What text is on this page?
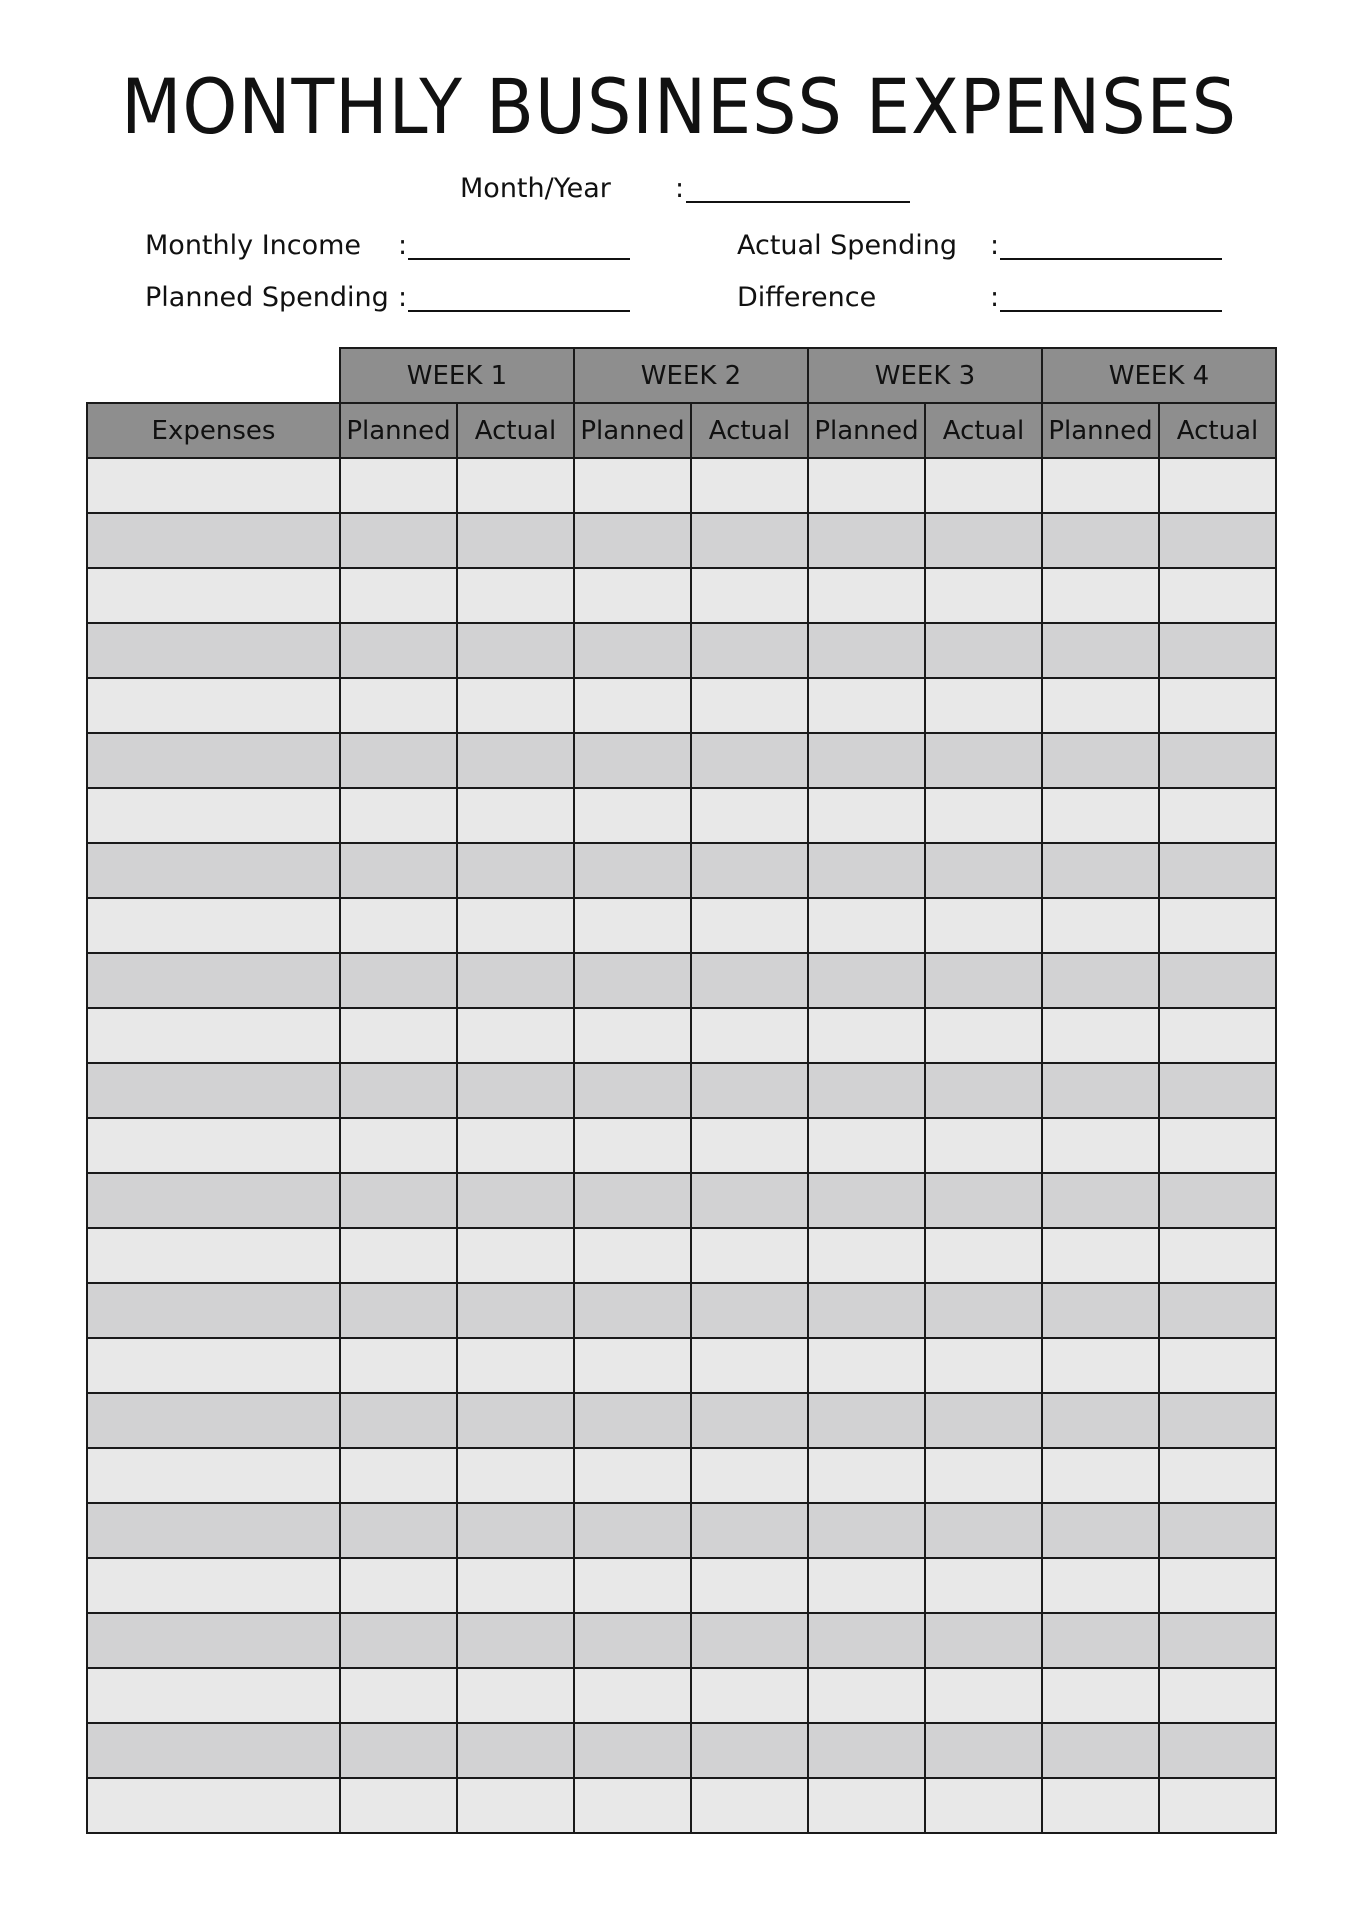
MONTHLY BUSINESS EXPENSES
Month/Year :
Monthly Income :	Actual Spending :
Planned Spending :	Difference	:
	WEEK 1		WEEK 2		WEEK 3		WEEK 4	
Expenses	Planned	Actual	Planned	Actual	Planned	Actual	Planned	Actual
